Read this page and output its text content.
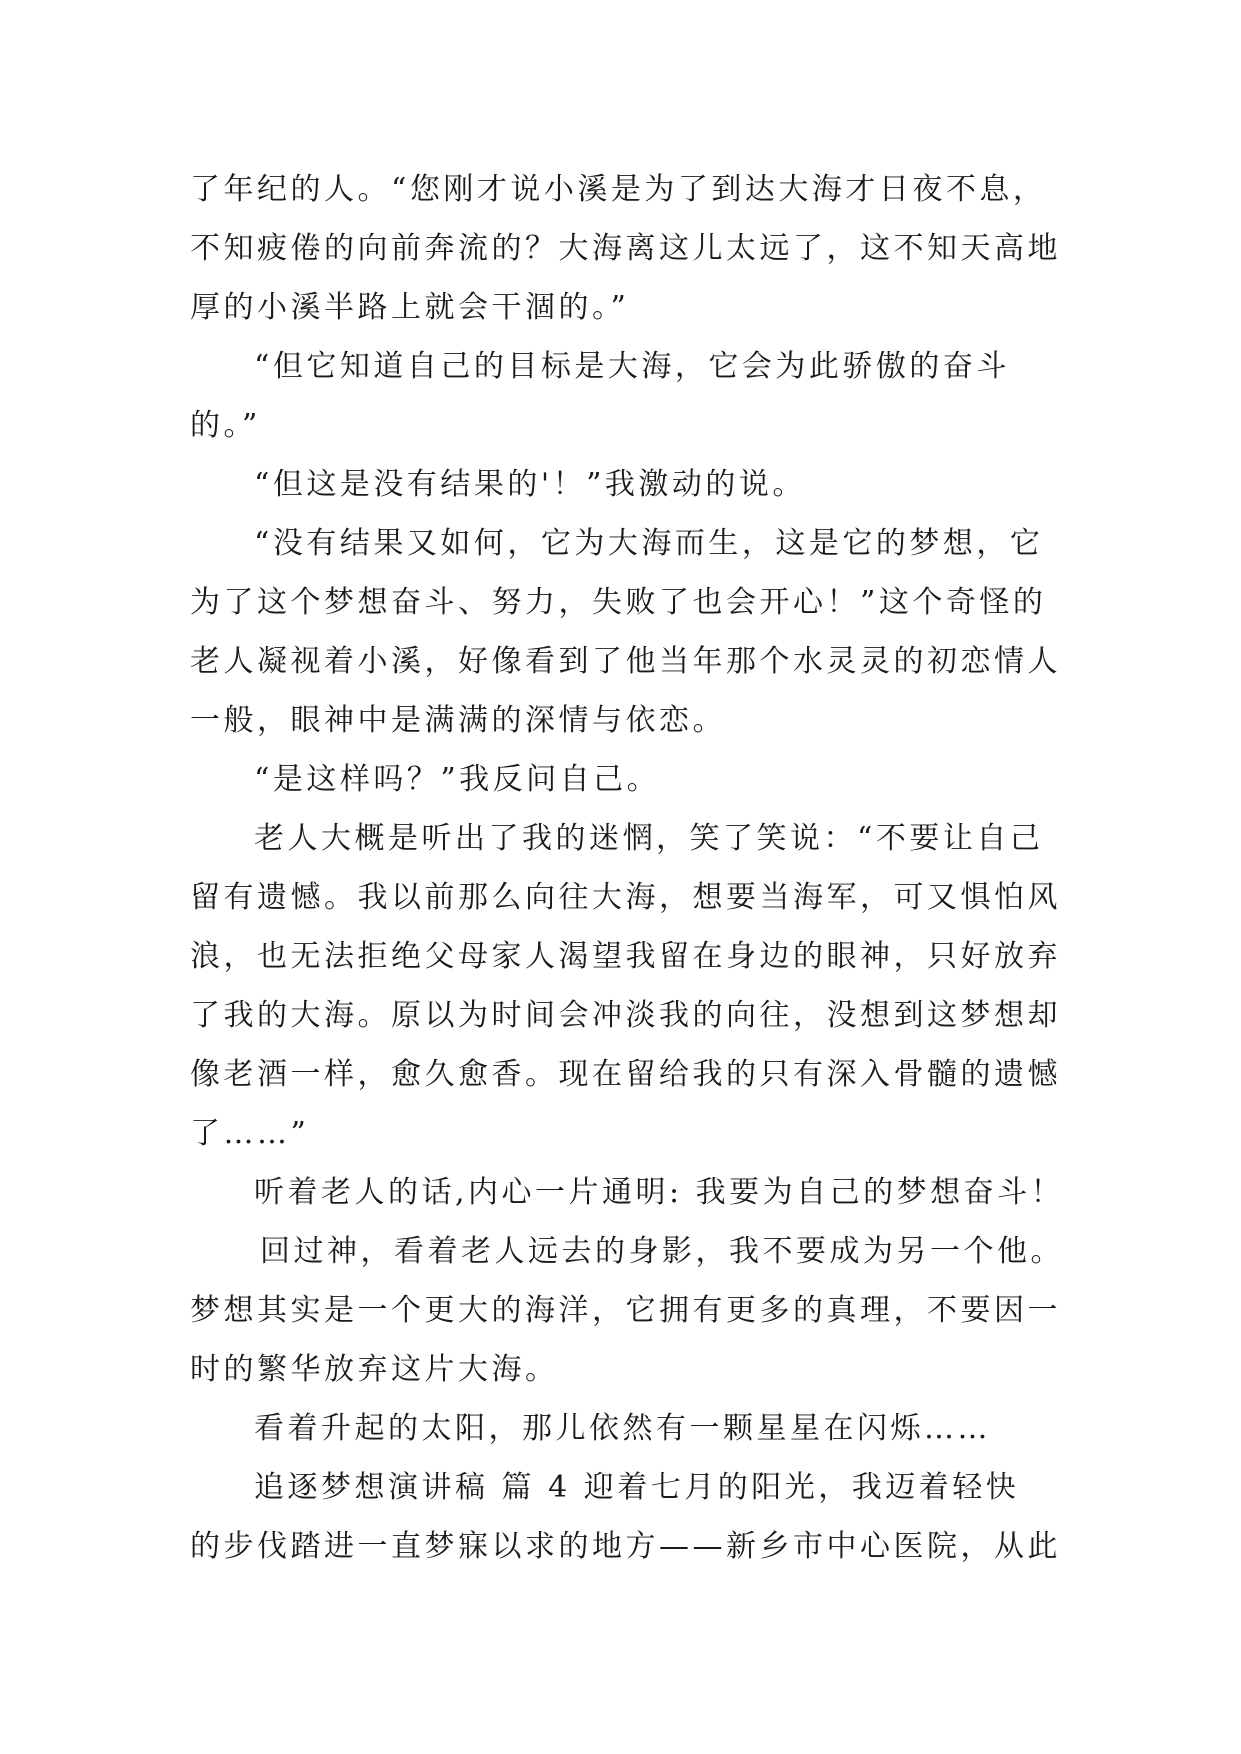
了年纪的人。“您刚才说小溪是为了到达大海才日夜不息，
不知疲倦的向前奔流的？大海离这儿太远了，这不知天高地
厚的小溪半路上就会干涸的。”
“但它知道自己的目标是大海，它会为此骄傲的奋斗
的。”
“但这是没有结果的'！”我激动的说。
“没有结果又如何，它为大海而生，这是它的梦想，它
为了这个梦想奋斗、努力，失败了也会开心！”这个奇怪的
老人凝视着小溪，好像看到了他当年那个水灵灵的初恋情人
一般，眼神中是满满的深情与依恋。
“是这样吗？”我反问自己。
老人大概是听出了我的迷惘，笑了笑说：“不要让自己
留有遗憾。我以前那么向往大海，想要当海军，可又惧怕风
浪，也无法拒绝父母家人渴望我留在身边的眼神，只好放弃
了我的大海。原以为时间会冲淡我的向往，没想到这梦想却
像老酒一样，愈久愈香。现在留给我的只有深入骨髓的遗憾
了……”
听着老人的话,内心一片通明: 我要为自己的梦想奋斗！
回过神，看着老人远去的身影，我不要成为另一个他。
梦想其实是一个更大的海洋，它拥有更多的真理，不要因一
时的繁华放弃这片大海。
看着升起的太阳，那儿依然有一颗星星在闪烁……
追逐梦想演讲稿 篇 4 迎着七月的阳光，我迈着轻快
的步伐踏进一直梦寐以求的地方——新乡市中心医院，从此
